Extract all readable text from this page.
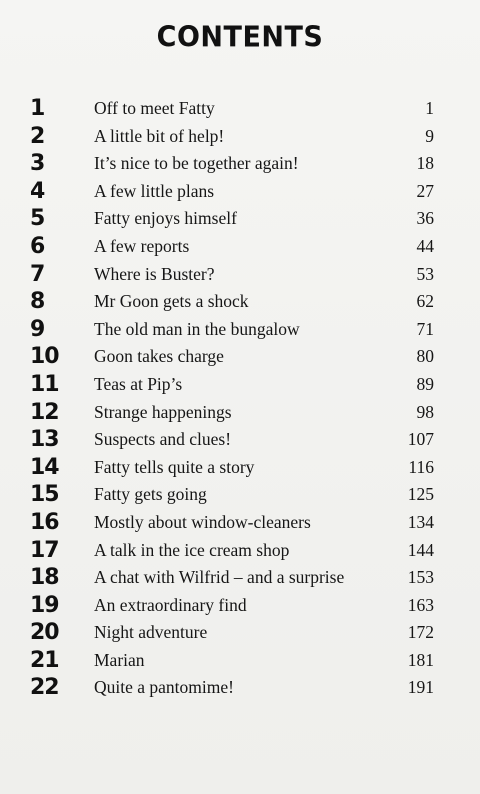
CONTENTS
1	Off to meet Fatty	1
2	A little bit of help!	9
3	It’s nice to be together again!	18
4	A few little plans	27
5	Fatty enjoys himself	36
6	A few reports	44
7	Where is Buster?	53
8	Mr Goon gets a shock	62
9	The old man in the bungalow	71
10 Goon takes charge	80
11 Teas at Pip’s	89
12 Strange happenings	98
13 Suspects and clues!	107
14 Fatty tells quite a story	116
15 Fatty gets going	125
16 Mostly about window-cleaners	134
17 A talk in the ice cream shop	144
18 A chat with Wilfrid – and a surprise	153
19 An extraordinary find	163
20 Night adventure	172
21 Marian	181
22 Quite a pantomime!	191
